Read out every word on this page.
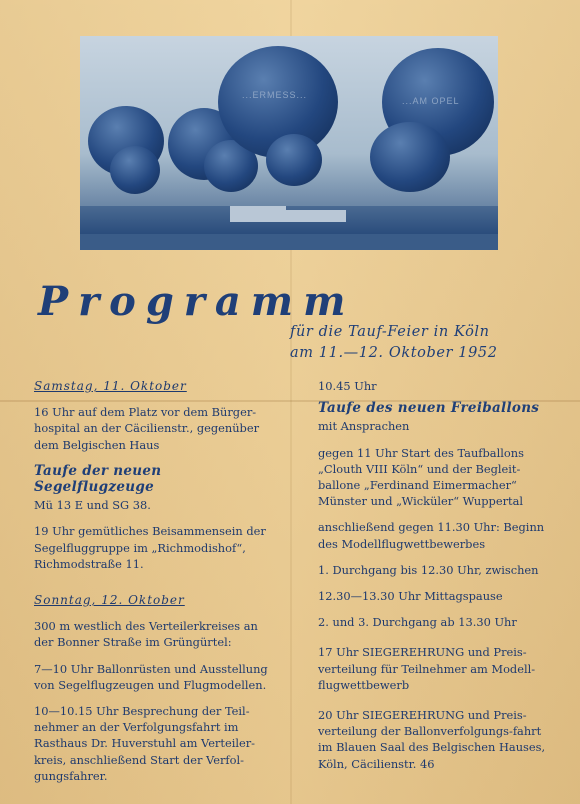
...ERMESS...
...AM OPEL
Programm
für die Tauf-Feier in Köln
am 11.—12. Oktober 1952
Samstag, 11. Oktober
16 Uhr auf dem Platz vor dem Bürger-hospital an der Cäcilienstr., gegenüber dem Belgischen Haus
Taufe der neuen Segelflugzeuge
Mü 13 E und SG 38.
19 Uhr gemütliches Beisammensein der Segelfluggruppe im „Richmodishof“, Richmodstraße 11.
Sonntag, 12. Oktober
300 m westlich des Verteilerkreises an der Bonner Straße im Grüngürtel:
7—10 Uhr Ballonrüsten und Ausstellung von Segelflugzeugen und Flugmodellen.
10—10.15 Uhr Besprechung der Teil-nehmer an der Verfolgungsfahrt im Rasthaus Dr. Huverstuhl am Verteiler-kreis, anschließend Start der Verfol-gungsfahrer.
10.45 Uhr
Taufe des neuen Freiballons
mit Ansprachen
gegen 11 Uhr Start des Taufballons „Clouth VIII Köln“ und der Begleit-ballone „Ferdinand Eimermacher“ Münster und „Wicküler“ Wuppertal
anschließend gegen 11.30 Uhr: Beginn des Modellflugwettbewerbes
1. Durchgang bis 12.30 Uhr, zwischen
12.30—13.30 Uhr Mittagspause
2. und 3. Durchgang ab 13.30 Uhr
17 Uhr SIEGEREHRUNG und Preis-verteilung für Teilnehmer am Modell-flugwettbewerb
20 Uhr SIEGEREHRUNG und Preis-verteilung der Ballonverfolgungs-fahrt im Blauen Saal des Belgischen Hauses, Köln, Cäcilienstr. 46
